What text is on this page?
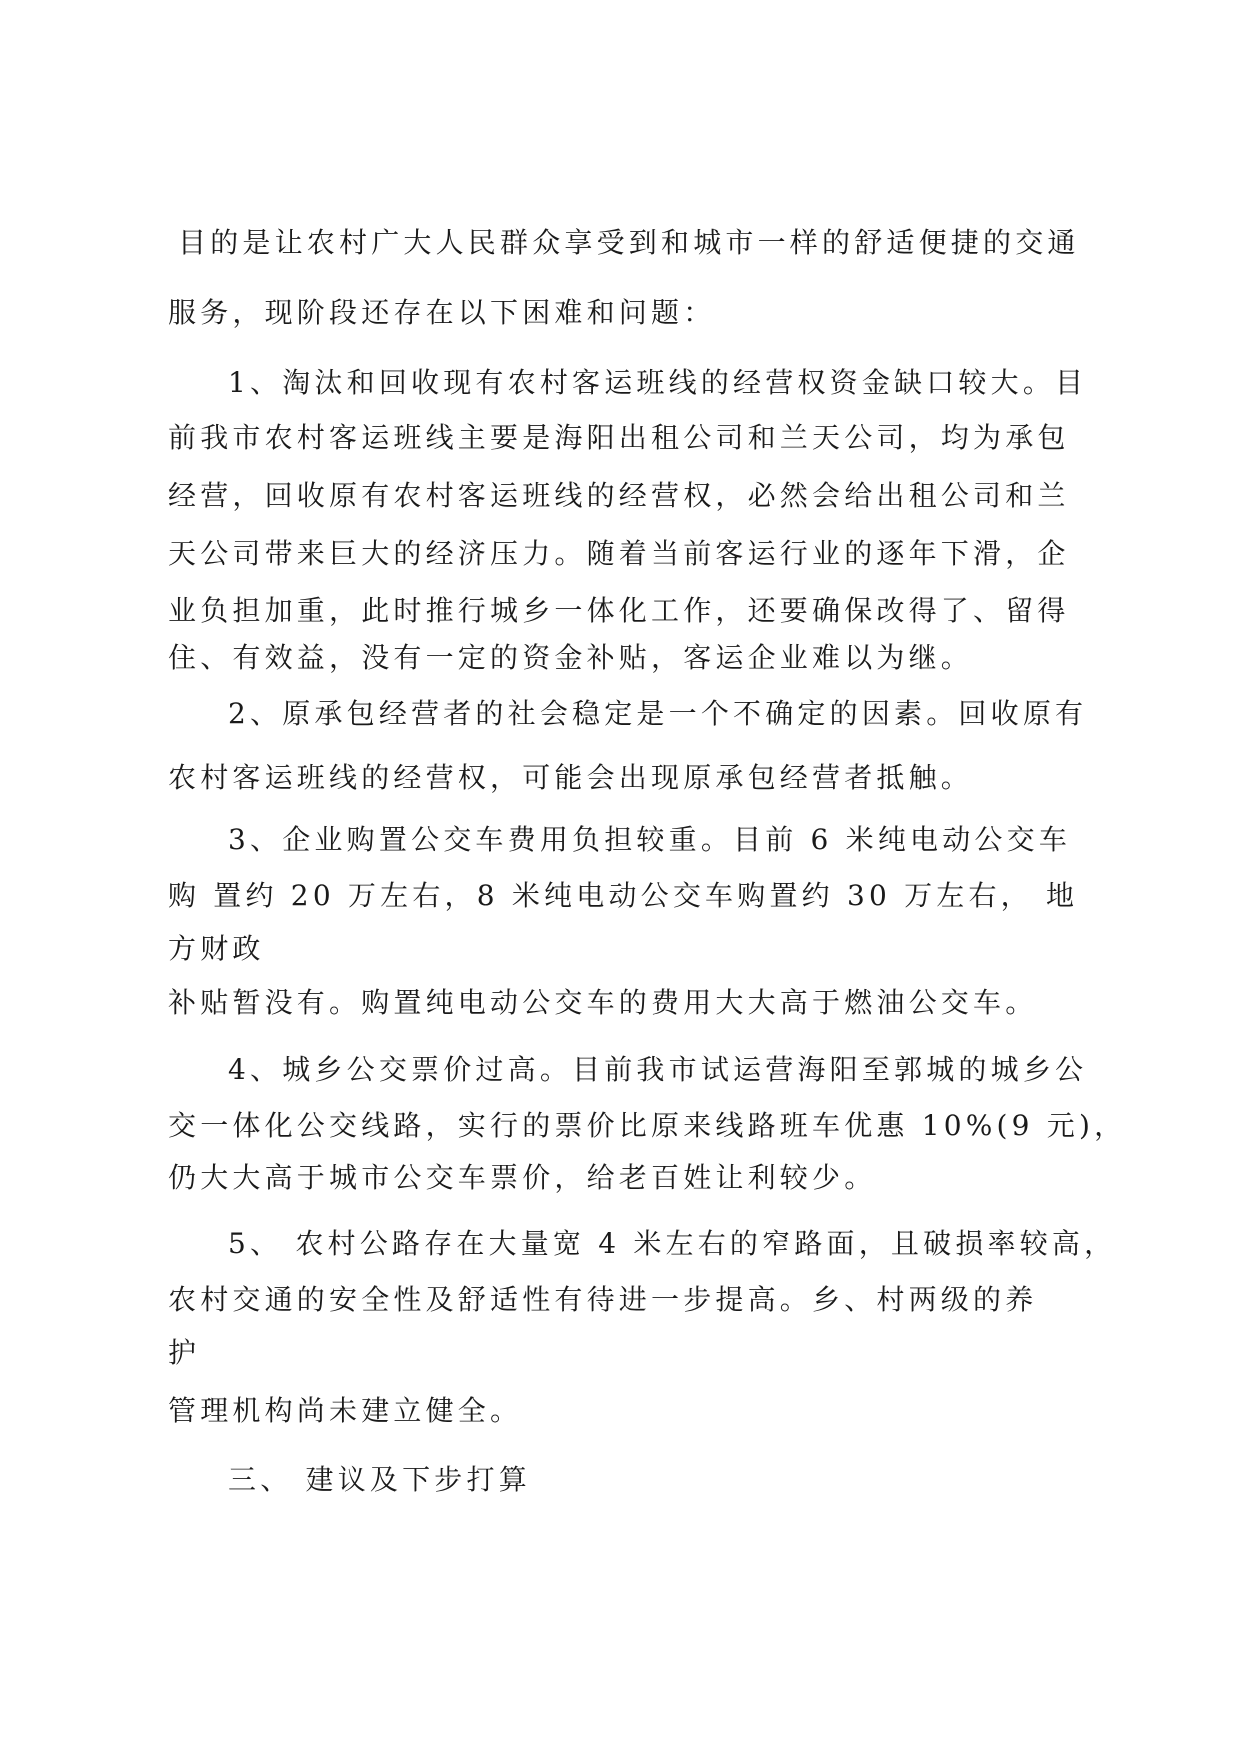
目的是让农村广大人民群众享受到和城市一样的舒适便捷的交通
服务，现阶段还存在以下困难和问题：
1、淘汰和回收现有农村客运班线的经营权资金缺口较大。目
前我市农村客运班线主要是海阳出租公司和兰天公司，均为承包
经营，回收原有农村客运班线的经营权，必然会给出租公司和兰
天公司带来巨大的经济压力。随着当前客运行业的逐年下滑，企
业负担加重，此时推行城乡一体化工作，还要确保改得了、留得
住、有效益，没有一定的资金补贴，客运企业难以为继。
2、原承包经营者的社会稳定是一个不确定的因素。回收原有
农村客运班线的经营权，可能会出现原承包经营者抵触。
3、企业购置公交车费用负担较重。目前 6 米纯电动公交车
购 置约 20 万左右，8 米纯电动公交车购置约 30 万左右， 地
方财政
补贴暂没有。购置纯电动公交车的费用大大高于燃油公交车。
4、城乡公交票价过高。目前我市试运营海阳至郭城的城乡公
交一体化公交线路，实行的票价比原来线路班车优惠 10%(9 元)，
仍大大高于城市公交车票价，给老百姓让利较少。
5、 农村公路存在大量宽 4 米左右的窄路面，且破损率较高，
农村交通的安全性及舒适性有待进一步提高。乡、村两级的养
护
管理机构尚未建立健全。
三、 建议及下步打算
